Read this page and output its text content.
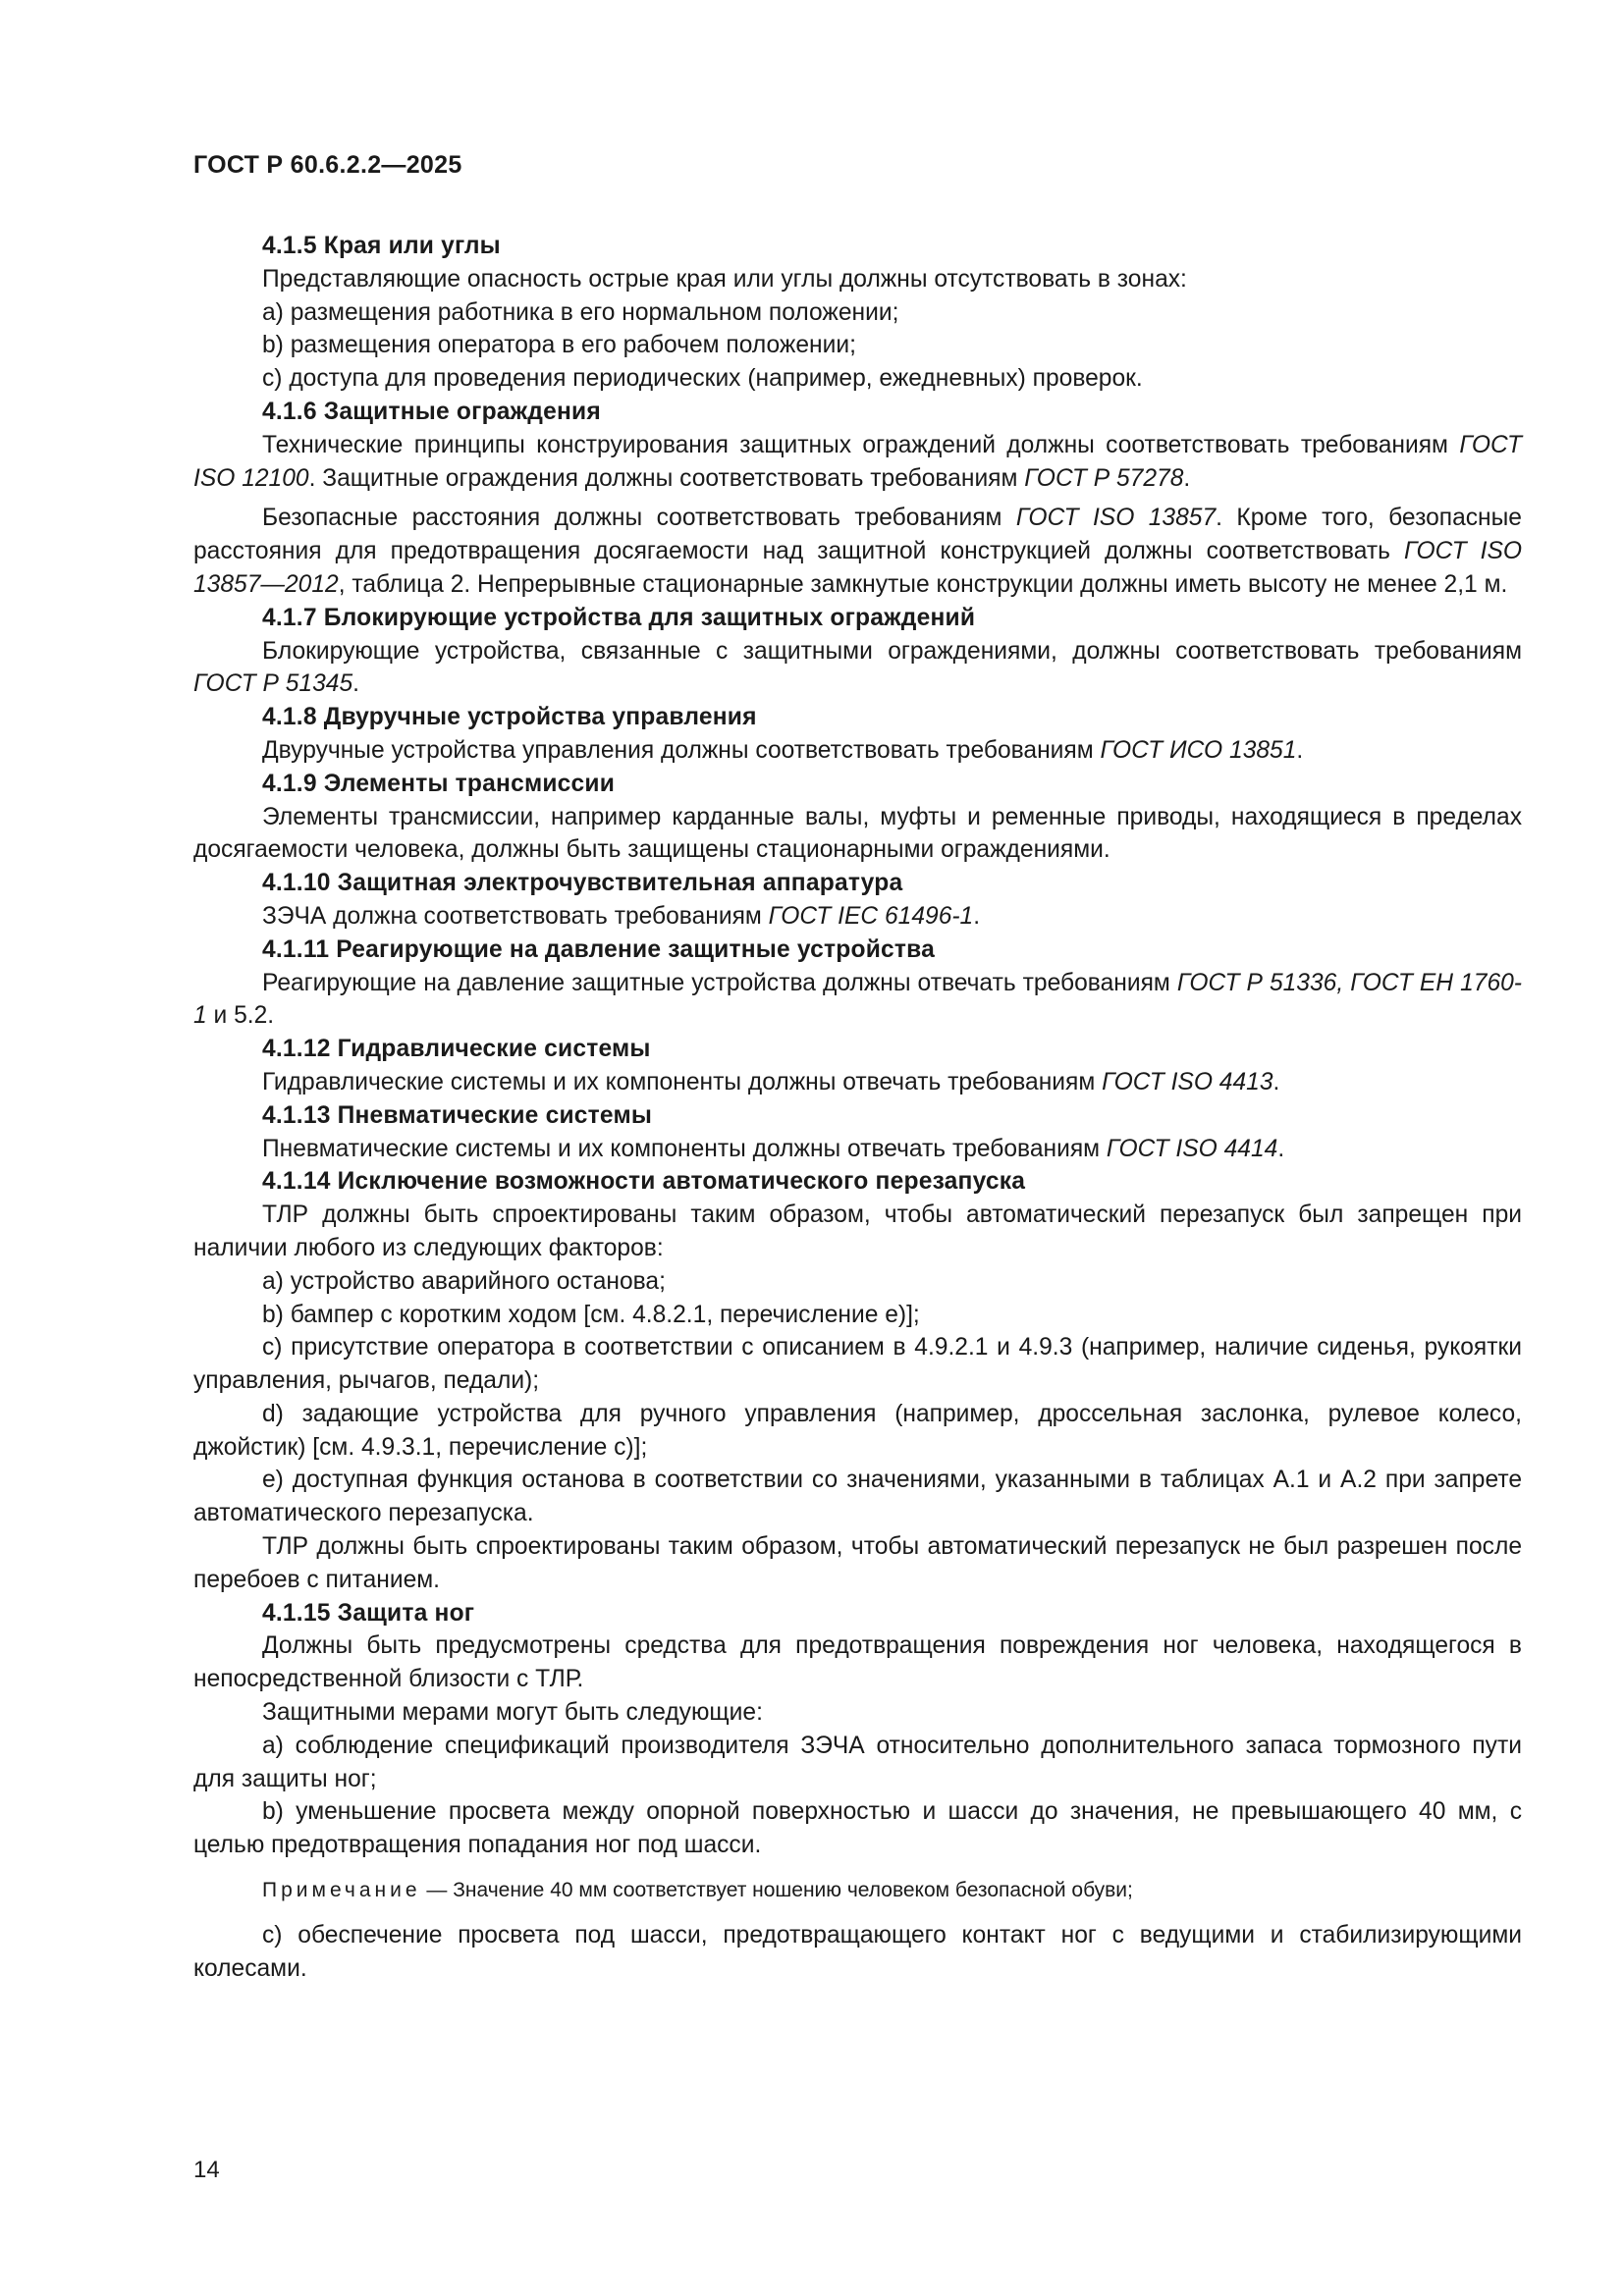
ГОСТ Р 60.6.2.2—2025

4.1.5 Края или углы

Представляющие опасность острые края или углы должны отсутствовать в зонах:

a) размещения работника в его нормальном положении;

b) размещения оператора в его рабочем положении;

c) доступа для проведения периодических (например, ежедневных) проверок.

4.1.6 Защитные ограждения

Технические принципы конструирования защитных ограждений должны соответствовать требованиям ГОСТ ISO 12100. Защитные ограждения должны соответствовать требованиям ГОСТ Р 57278.

Безопасные расстояния должны соответствовать требованиям ГОСТ ISO 13857. Кроме того, безопасные расстояния для предотвращения досягаемости над защитной конструкцией должны соответствовать ГОСТ ISO 13857—2012, таблица 2. Непрерывные стационарные замкнутые конструкции должны иметь высоту не менее 2,1 м.

4.1.7 Блокирующие устройства для защитных ограждений

Блокирующие устройства, связанные с защитными ограждениями, должны соответствовать требованиям ГОСТ Р 51345.

4.1.8 Двуручные устройства управления

Двуручные устройства управления должны соответствовать требованиям ГОСТ ИСО 13851.

4.1.9 Элементы трансмиссии

Элементы трансмиссии, например карданные валы, муфты и ременные приводы, находящиеся в пределах досягаемости человека, должны быть защищены стационарными ограждениями.

4.1.10 Защитная электрочувствительная аппаратура

ЗЭЧА должна соответствовать требованиям ГОСТ IEC 61496-1.

4.1.11 Реагирующие на давление защитные устройства

Реагирующие на давление защитные устройства должны отвечать требованиям ГОСТ Р 51336, ГОСТ ЕН 1760-1 и 5.2.

4.1.12 Гидравлические системы

Гидравлические системы и их компоненты должны отвечать требованиям ГОСТ ISO 4413.

4.1.13 Пневматические системы

Пневматические системы и их компоненты должны отвечать требованиям ГОСТ ISO 4414.

4.1.14 Исключение возможности автоматического перезапуска

ТЛР должны быть спроектированы таким образом, чтобы автоматический перезапуск был запрещен при наличии любого из следующих факторов:

a) устройство аварийного останова;

b) бампер с коротким ходом [см. 4.8.2.1, перечисление e)];

c) присутствие оператора в соответствии с описанием в 4.9.2.1 и 4.9.3 (например, наличие сиденья, рукоятки управления, рычагов, педали);

d) задающие устройства для ручного управления (например, дроссельная заслонка, рулевое колесо, джойстик) [см. 4.9.3.1, перечисление c)];

e) доступная функция останова в соответствии со значениями, указанными в таблицах А.1 и А.2 при запрете автоматического перезапуска.

ТЛР должны быть спроектированы таким образом, чтобы автоматический перезапуск не был разрешен после перебоев с питанием.

4.1.15 Защита ног

Должны быть предусмотрены средства для предотвращения повреждения ног человека, находящегося в непосредственной близости с ТЛР.

Защитными мерами могут быть следующие:

a) соблюдение спецификаций производителя ЗЭЧА относительно дополнительного запаса тормозного пути для защиты ног;

b) уменьшение просвета между опорной поверхностью и шасси до значения, не превышающего 40 мм, с целью предотвращения попадания ног под шасси.

Примечание — Значение 40 мм соответствует ношению человеком безопасной обуви;

c) обеспечение просвета под шасси, предотвращающего контакт ног с ведущими и стабилизирующими колесами.

14
